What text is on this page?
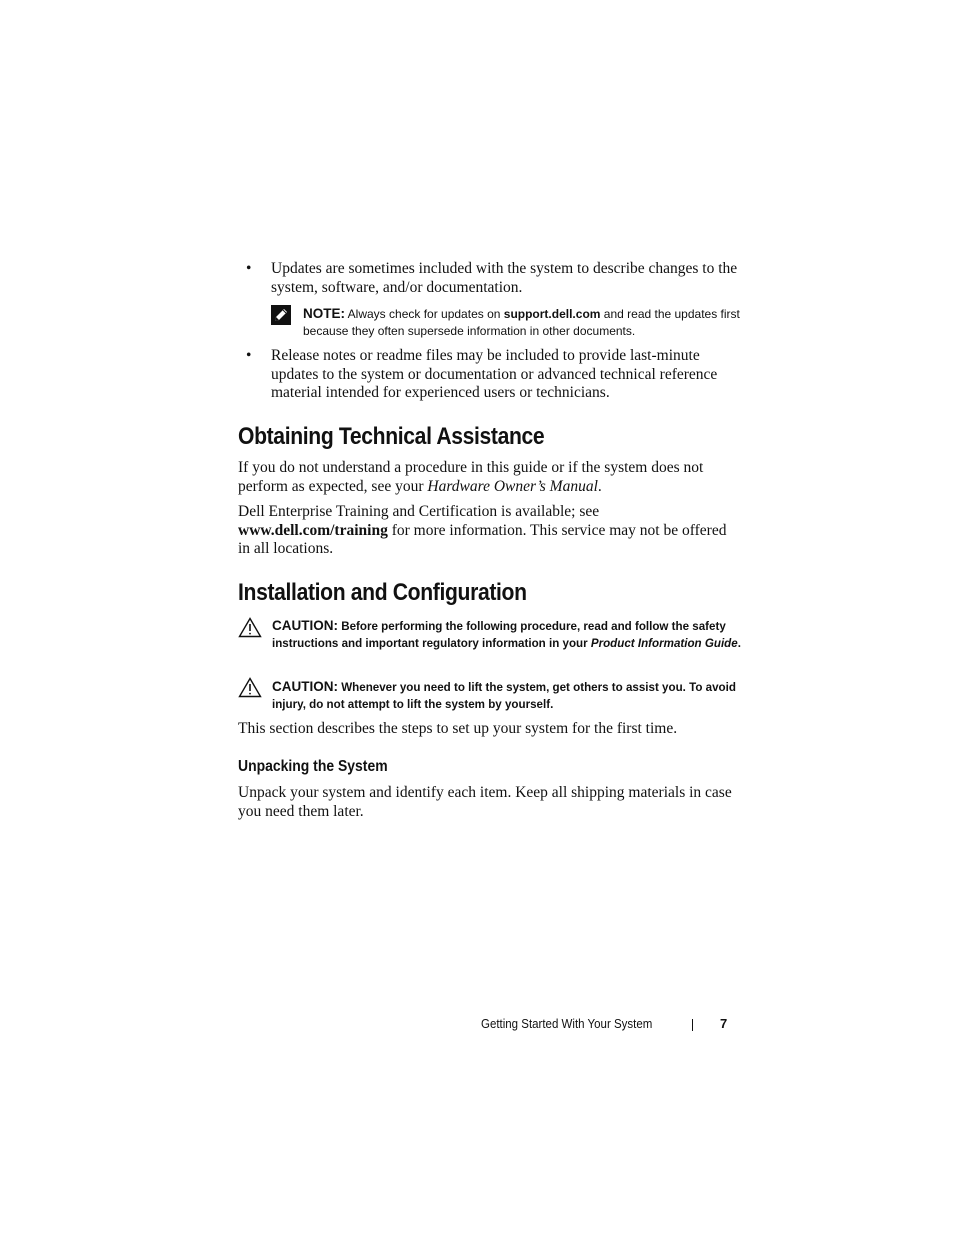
• Updates are sometimes included with the system to describe changes to the system, software, and/or documentation.
NOTE: Always check for updates on support.dell.com and read the updates first because they often supersede information in other documents.
• Release notes or readme files may be included to provide last-minute updates to the system or documentation or advanced technical reference material intended for experienced users or technicians.
Obtaining Technical Assistance
If you do not understand a procedure in this guide or if the system does not perform as expected, see your Hardware Owner’s Manual.
Dell Enterprise Training and Certification is available; see www.dell.com/training for more information. This service may not be offered in all locations.
Installation and Configuration
CAUTION: Before performing the following procedure, read and follow the safety instructions and important regulatory information in your Product Information Guide.
CAUTION: Whenever you need to lift the system, get others to assist you. To avoid injury, do not attempt to lift the system by yourself.
This section describes the steps to set up your system for the first time.
Unpacking the System
Unpack your system and identify each item. Keep all shipping materials in case you need them later.
Getting Started With Your System	7
